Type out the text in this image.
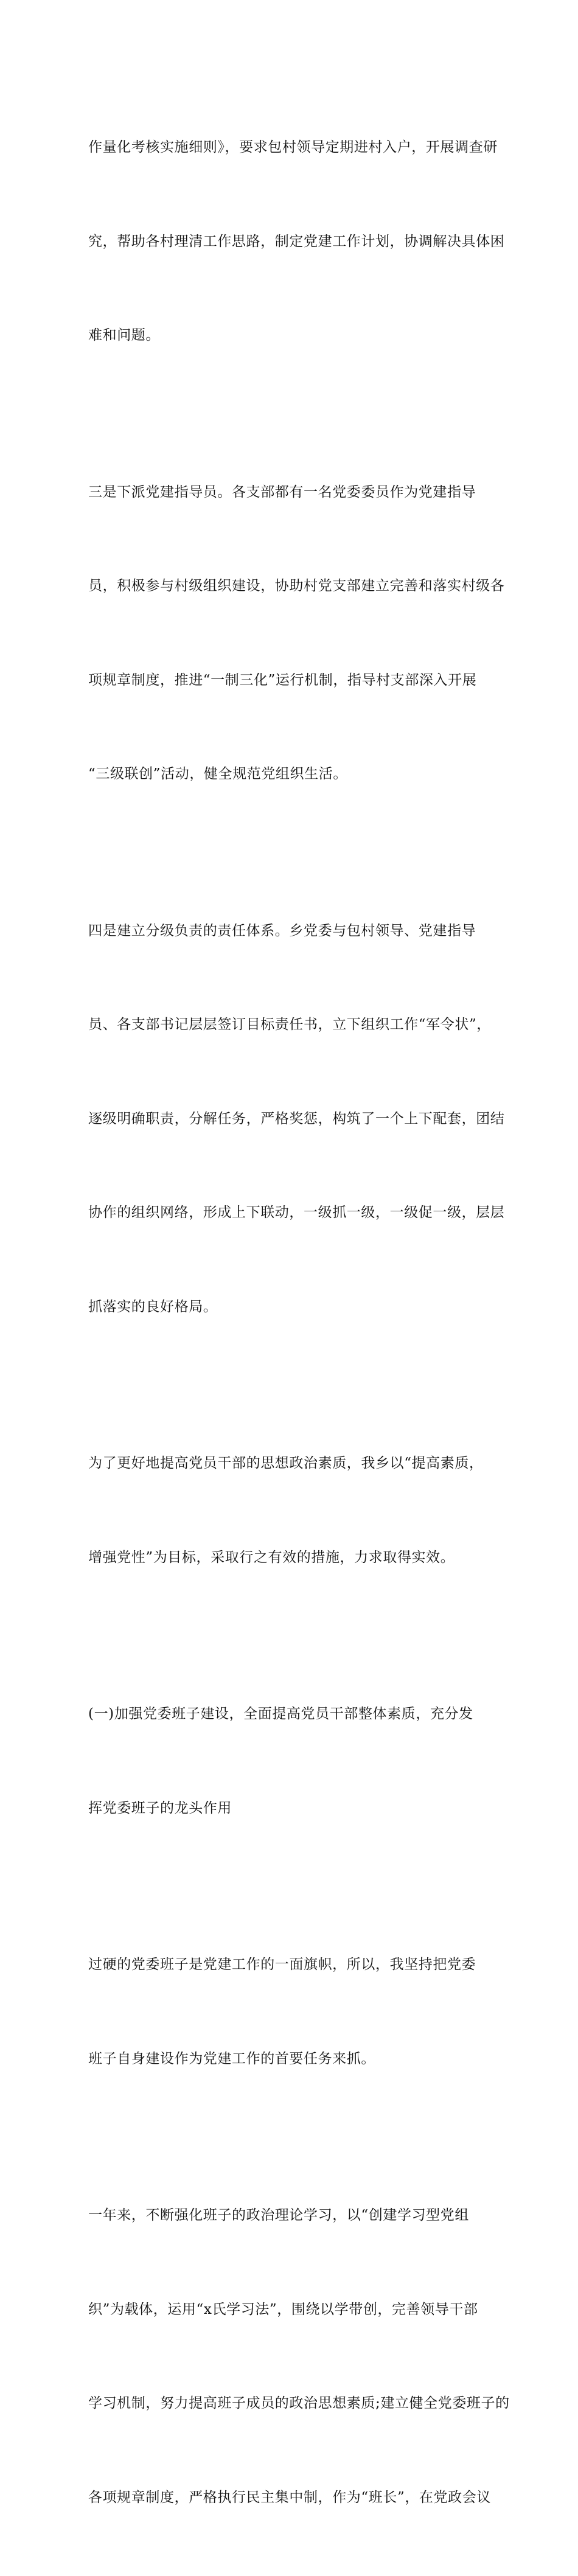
作量化考核实施细则》，要求包村领导定期进村入户，开展调查研

究，帮助各村理清工作思路，制定党建工作计划，协调解决具体困

难和问题。

三是下派党建指导员。各支部都有一名党委委员作为党建指导

员，积极参与村级组织建设，协助村党支部建立完善和落实村级各

项规章制度，推进“一制三化”运行机制，指导村支部深入开展

“三级联创”活动，健全规范党组织生活。

四是建立分级负责的责任体系。乡党委与包村领导、党建指导

员、各支部书记层层签订目标责任书，立下组织工作“军令状”，

逐级明确职责，分解任务，严格奖惩，构筑了一个上下配套，团结

协作的组织网络，形成上下联动，一级抓一级，一级促一级，层层

抓落实的良好格局。

为了更好地提高党员干部的思想政治素质，我乡以“提高素质，

增强党性”为目标，采取行之有效的措施，力求取得实效。

(一)加强党委班子建设，全面提高党员干部整体素质，充分发

挥党委班子的龙头作用

过硬的党委班子是党建工作的一面旗帜，所以，我坚持把党委

班子自身建设作为党建工作的首要任务来抓。

一年来，不断强化班子的政治理论学习，以“创建学习型党组

织”为载体，运用“x氏学习法”，围绕以学带创，完善领导干部

学习机制，努力提高班子成员的政治思想素质;建立健全党委班子的

各项规章制度，严格执行民主集中制，作为“班长”，在党政会议
